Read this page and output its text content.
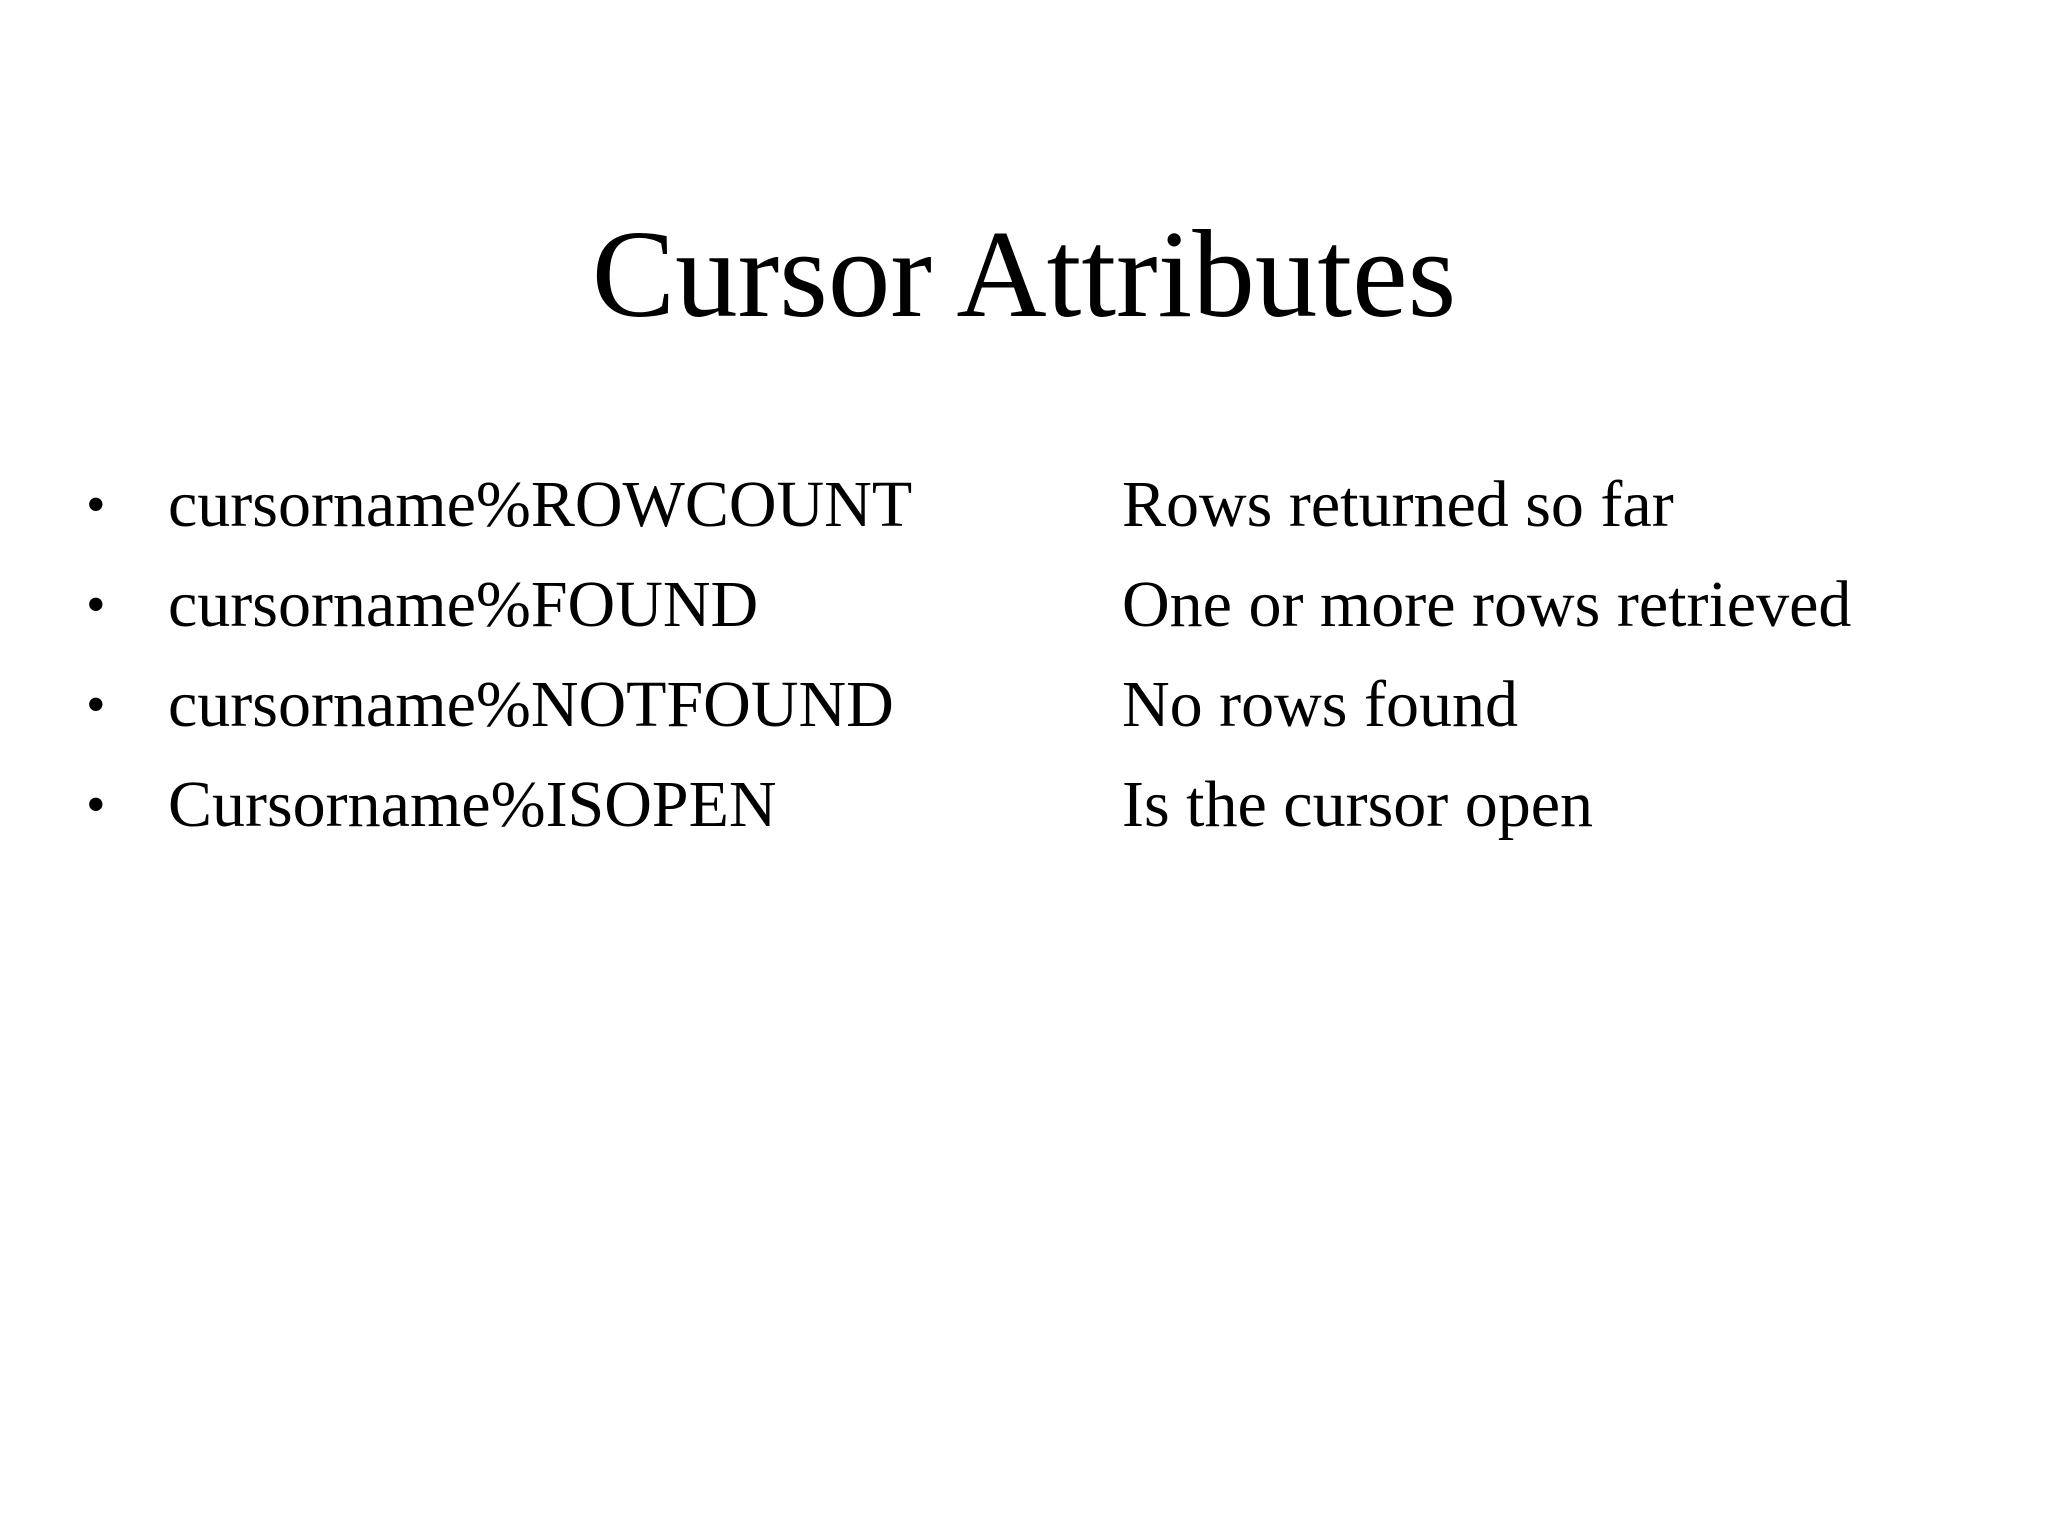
Cursor Attributes
• cursorname%ROWCOUNT	Rows returned so far
• cursorname%FOUND	One or more rows retrieved
• cursorname%NOTFOUND	No rows found
• Cursorname%ISOPEN	Is the cursor open
